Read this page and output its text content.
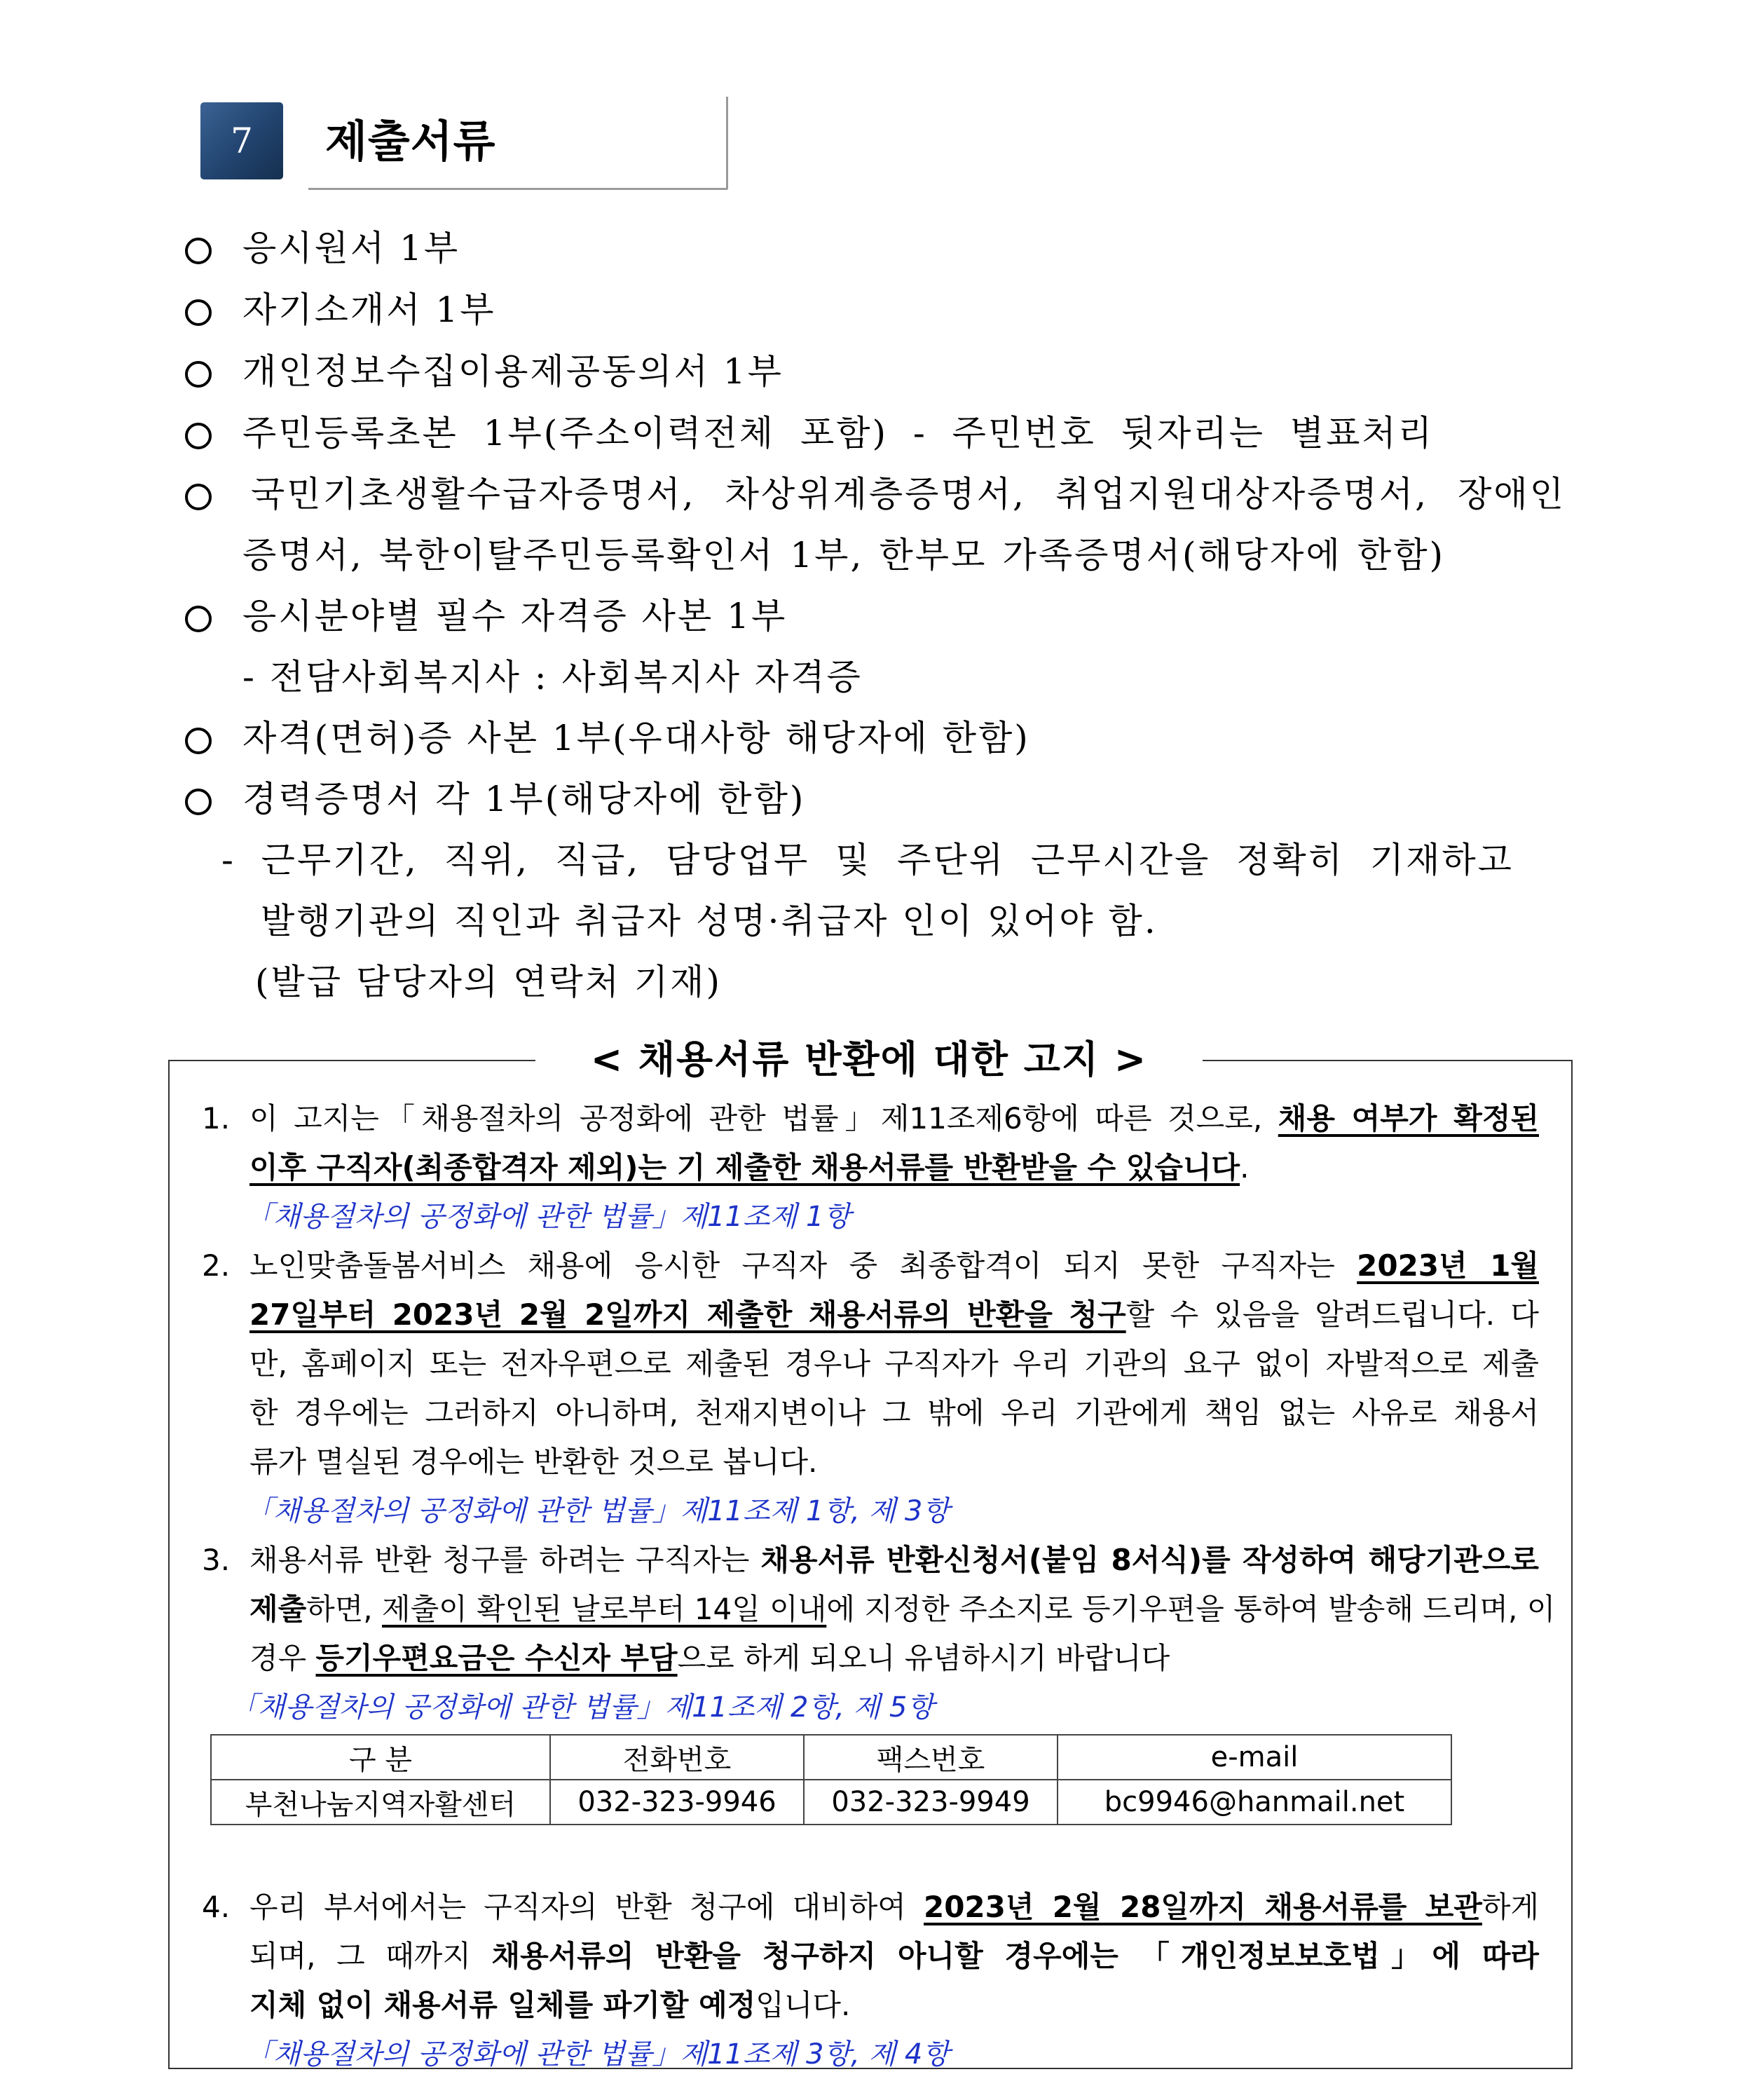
7	제출서류
응시원서 1부
자기소개서 1부
개인정보수집이용제공동의서 1부
주민등록초본 1부(주소이력전체 포함) - 주민번호 뒷자리는 별표처리
국민기초생활수급자증명서, 차상위계층증명서, 취업지원대상자증명서, 장애인
증명서, 북한이탈주민등록확인서 1부, 한부모 가족증명서(해당자에 한함)
응시분야별 필수 자격증 사본 1부
- 전담사회복지사 : 사회복지사 자격증
자격(면허)증 사본 1부(우대사항 해당자에 한함)
경력증명서 각 1부(해당자에 한함)
- 근무기간, 직위, 직급, 담당업무 및 주단위 근무시간을 정확히 기재하고
발행기관의 직인과 취급자 성명·취급자 인이 있어야 함.
(발급 담당자의 연락처 기재)
< 채용서류 반환에 대한 고지 >
1. 이 고지는「채용절차의 공정화에 관한 법률」제11조제6항에 따른 것으로, 채용 여부가 확정된
이후 구직자(최종합격자 제외)는 기 제출한 채용서류를 반환받을 수 있습니다.
「채용절차의 공정화에 관한 법률」제11조제 1항
2. 노인맞춤돌봄서비스 채용에 응시한 구직자 중 최종합격이 되지 못한 구직자는 2023년 1월
27일부터 2023년 2월 2일까지 제출한 채용서류의 반환을 청구할 수 있음을 알려드립니다. 다
만, 홈페이지 또는 전자우편으로 제출된 경우나 구직자가 우리 기관의 요구 없이 자발적으로 제출
한 경우에는 그러하지 아니하며, 천재지변이나 그 밖에 우리 기관에게 책임 없는 사유로 채용서
류가 멸실된 경우에는 반환한 것으로 봅니다.
「채용절차의 공정화에 관한 법률」제11조제 1항, 제 3항
3. 채용서류 반환 청구를 하려는 구직자는 채용서류 반환신청서(붙임 8서식)를 작성하여 해당기관으로
제출하면, 제출이 확인된 날로부터 14일 이내에 지정한 주소지로 등기우편을 통하여 발송해 드리며, 이
경우 등기우편요금은 수신자 부담으로 하게 되오니 유념하시기 바랍니다
「채용절차의 공정화에 관한 법률」제11조제 2항, 제 5항
구 분	전화번호	팩스번호	e-mail
부천나눔지역자활센터	032-323-9946	032-323-9949	bc9946@hanmail.net
4. 우리 부서에서는 구직자의 반환 청구에 대비하여 2023년 2월 28일까지 채용서류를 보관하게
되며, 그 때까지 채용서류의 반환을 청구하지 아니할 경우에는 「개인정보보호법」에 따라
지체 없이 채용서류 일체를 파기할 예정입니다.
「채용절차의 공정화에 관한 법률」제11조제 3항, 제 4항
